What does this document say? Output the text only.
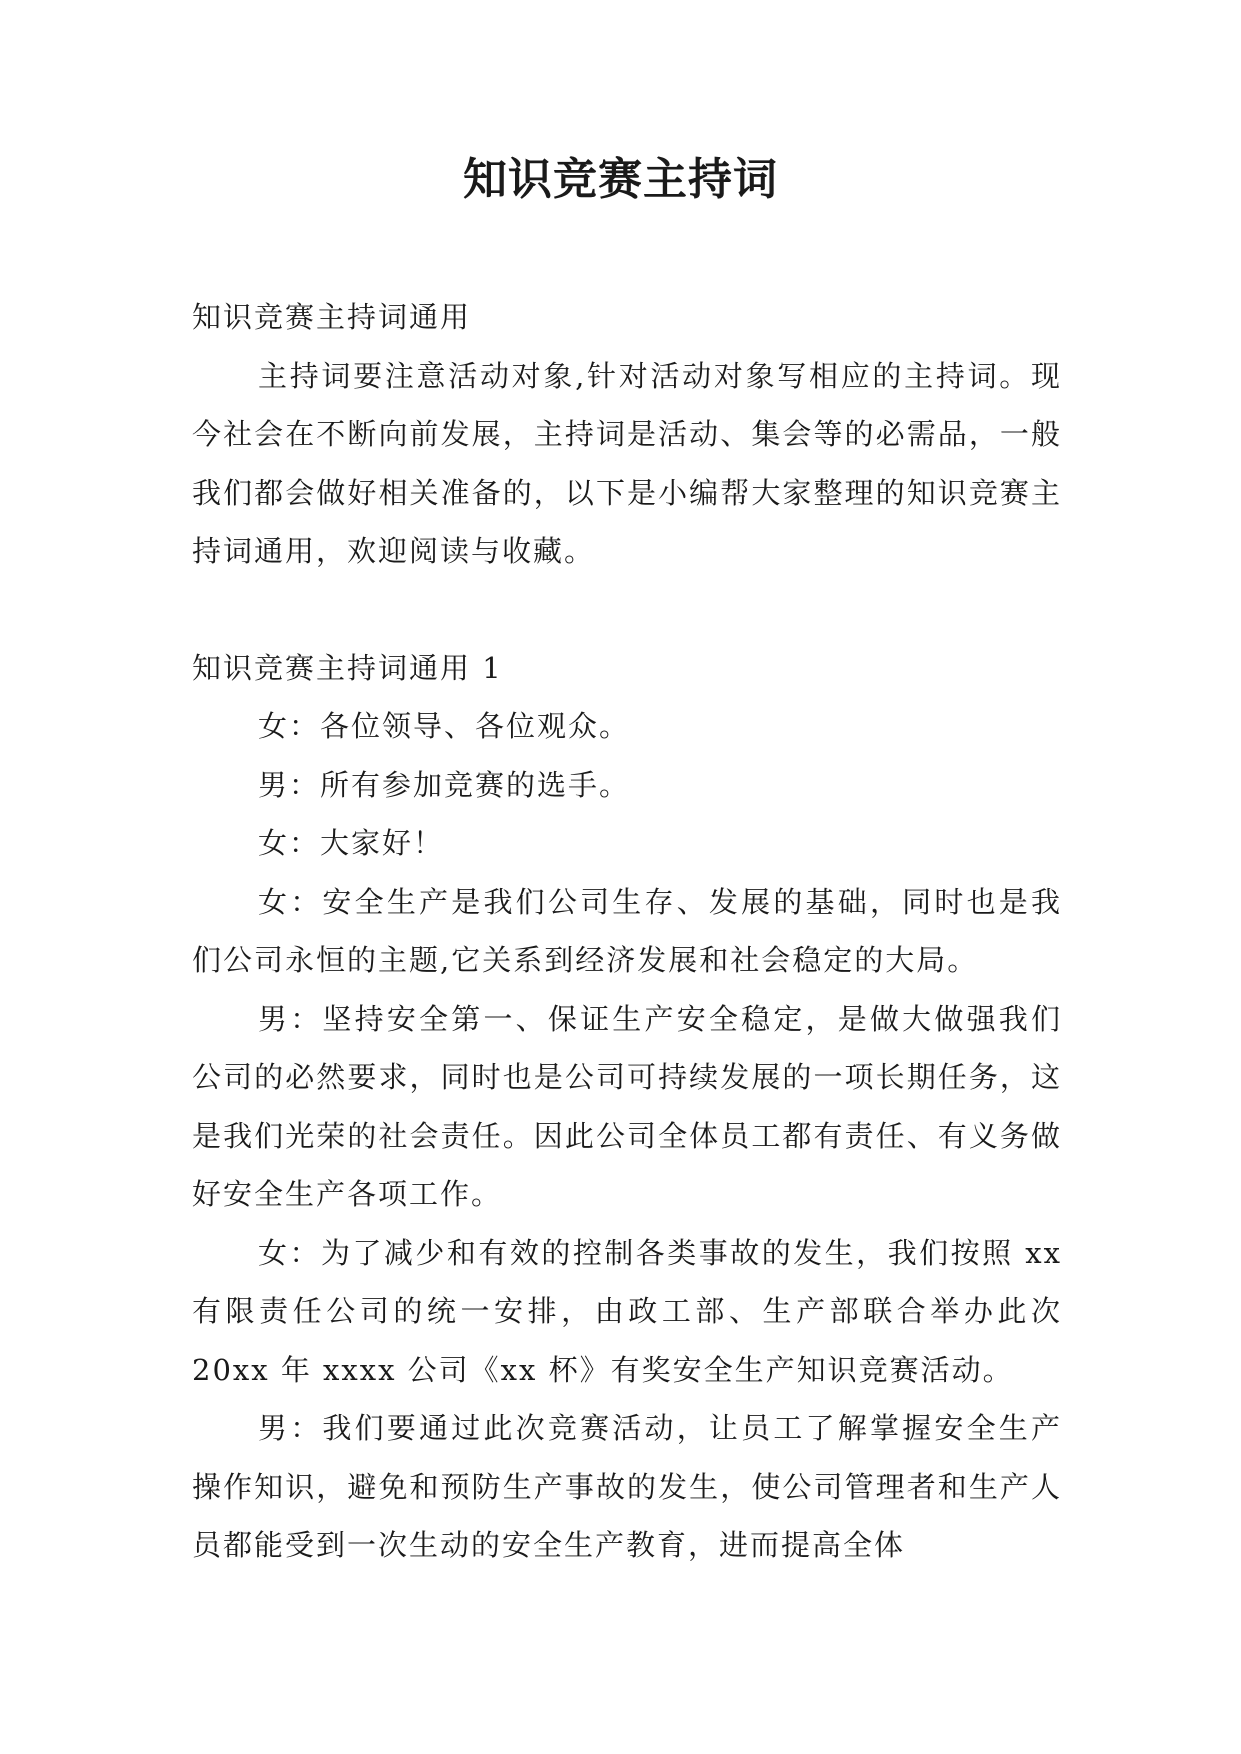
知识竞赛主持词

知识竞赛主持词通用

主持词要注意活动对象,针对活动对象写相应的主持词。现今社会在不断向前发展，主持词是活动、集会等的必需品，一般我们都会做好相关准备的，以下是小编帮大家整理的知识竞赛主持词通用，欢迎阅读与收藏。

知识竞赛主持词通用 1

女：各位领导、各位观众。

男：所有参加竞赛的选手。

女：大家好！

女：安全生产是我们公司生存、发展的基础，同时也是我们公司永恒的主题,它关系到经济发展和社会稳定的大局。

男：坚持安全第一、保证生产安全稳定，是做大做强我们公司的必然要求，同时也是公司可持续发展的一项长期任务，这是我们光荣的社会责任。因此公司全体员工都有责任、有义务做好安全生产各项工作。

女：为了减少和有效的控制各类事故的发生，我们按照 xx 有限责任公司的统一安排，由政工部、生产部联合举办此次 20xx 年 xxxx 公司《xx 杯》有奖安全生产知识竞赛活动。

男：我们要通过此次竞赛活动，让员工了解掌握安全生产操作知识，避免和预防生产事故的发生，使公司管理者和生产人员都能受到一次生动的安全生产教育，进而提高全体
